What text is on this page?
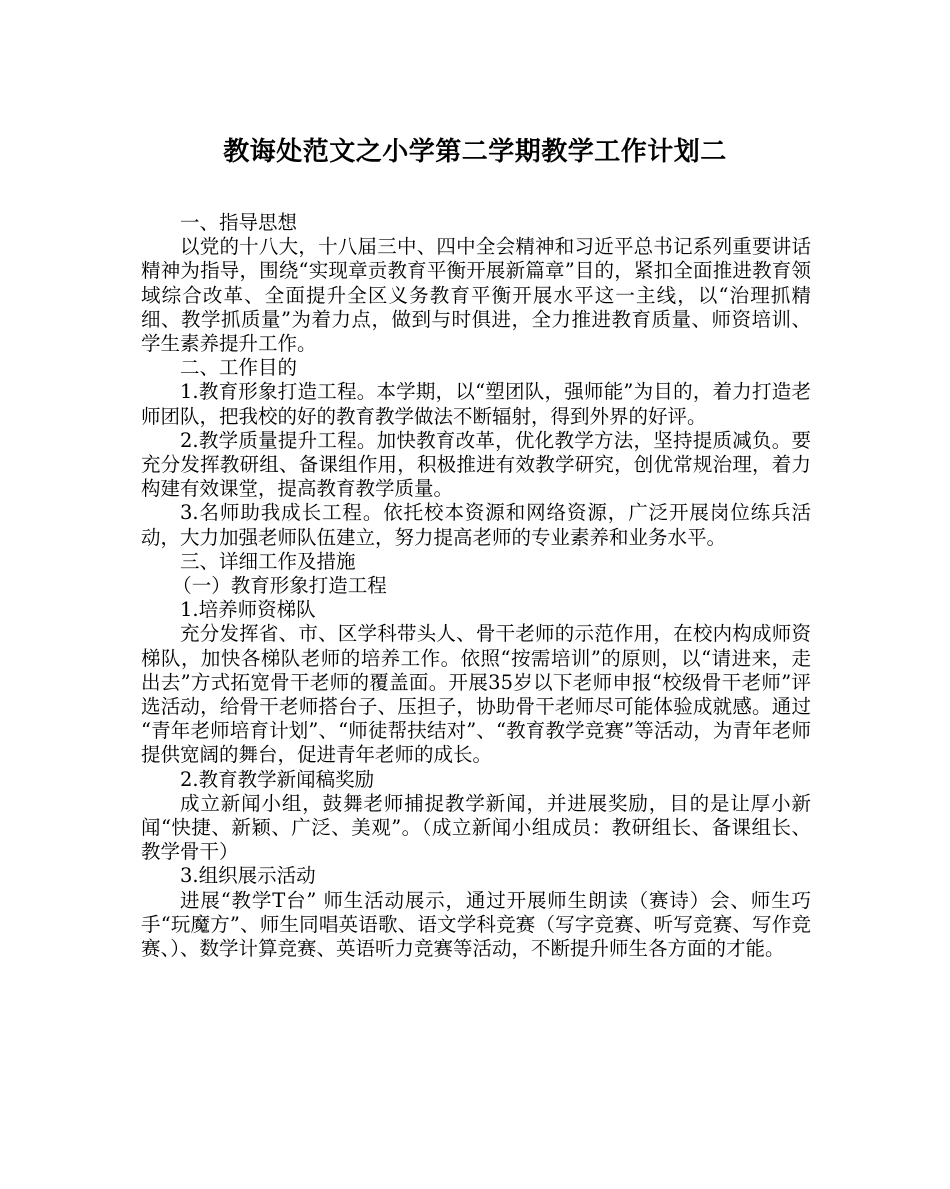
教诲处范文之小学第二学期教学工作计划二

一、指导思想

以党的十八大，十八届三中、四中全会精神和习近平总书记系列重要讲话精神为指导，围绕“实现章贡教育平衡开展新篇章”目的，紧扣全面推进教育领域综合改革、全面提升全区义务教育平衡开展水平这一主线，以“治理抓精细、教学抓质量”为着力点，做到与时俱进，全力推进教育质量、师资培训、学生素养提升工作。

二、工作目的

1.教育形象打造工程。本学期，以“塑团队，强师能”为目的，着力打造老师团队，把我校的好的教育教学做法不断辐射，得到外界的好评。

2.教学质量提升工程。加快教育改革，优化教学方法，坚持提质减负。要充分发挥教研组、备课组作用，积极推进有效教学研究，创优常规治理，着力构建有效课堂，提高教育教学质量。

3.名师助我成长工程。依托校本资源和网络资源，广泛开展岗位练兵活动，大力加强老师队伍建立，努力提高老师的专业素养和业务水平。

三、详细工作及措施

（一）教育形象打造工程

1.培养师资梯队

充分发挥省、市、区学科带头人、骨干老师的示范作用，在校内构成师资梯队，加快各梯队老师的培养工作。依照“按需培训”的原则，以“请进来，走出去”方式拓宽骨干老师的覆盖面。开展35岁以下老师申报“校级骨干老师”评选活动，给骨干老师搭台子、压担子，协助骨干老师尽可能体验成就感。通过 “青年老师培育计划”、“师徒帮扶结对”、“教育教学竞赛”等活动，为青年老师提供宽阔的舞台，促进青年老师的成长。

2.教育教学新闻稿奖励

成立新闻小组，鼓舞老师捕捉教学新闻，并进展奖励，目的是让厚小新闻“快捷、新颖、广泛、美观”。（成立新闻小组成员：教研组长、备课组长、教学骨干）

3.组织展示活动

进展“教学T台” 师生活动展示，通过开展师生朗读（赛诗）会、师生巧手“玩魔方”、师生同唱英语歌、语文学科竞赛（写字竞赛、听写竞赛、写作竞赛、）、数学计算竞赛、英语听力竞赛等活动，不断提升师生各方面的才能。
